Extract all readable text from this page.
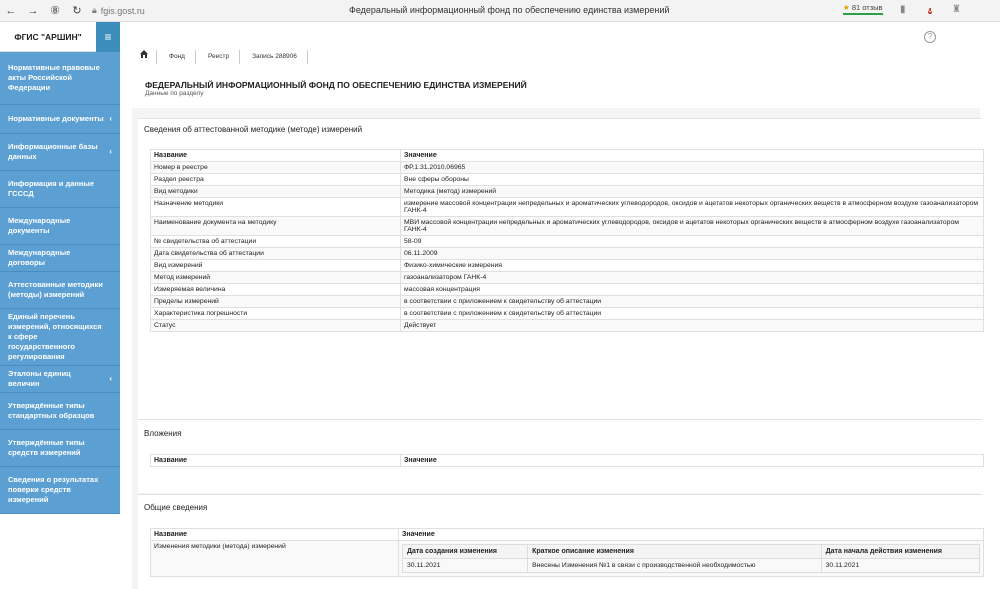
←	→	⑧	↻	🔒︎ fgis.gost.ru	Федеральный информационный фонд по обеспечению единства измерений	★ 81 отзыв ▮	U ♜
ФГИС "АРШИН"	≡
Нормативные правовые акты Российской Федерации
Нормативные документы ‹
Информационные базы данных
‹
Информация и данные ГССCД
Международные документы
Международные договоры
Аттестованные методики (методы) измерений
Единый перечень измерений, относящихся к сфере государственного регулирования
Эталоны единиц величин
‹
Утверждённые типы стандартных образцов
Утверждённые типы средств измерений
Сведения о результатах поверки средств измерений
?
Фонд	Реестр	Запись 288906
ФЕДЕРАЛЬНЫЙ ИНФОРМАЦИОННЫЙ ФОНД ПО ОБЕСПЕЧЕНИЮ ЕДИНСТВА ИЗМЕРЕНИЙ
Данные по разделу
Сведения об аттестованной методике (методе) измерений
Название	Значение
Номер в реестре	ФР.1.31.2010.06965
Раздел реестра	Вне сферы обороны
Вид методики	Методика (метод) измерений
Назначение методики	измерение массовой концентрации непредельных и ароматических углеводородов, оксидов и ацетатов некоторых органических веществ в атмосферном воздухе газоанализатором ГАНК-4
Наименование документа на методику	МВИ массовой концентрации непредельных и ароматических углеводородов, оксидов и ацетатов некоторых органических веществ в атмосферном воздухе газоанализатором ГАНК-4
№ свидетельства об аттестации	58-09
Дата свидетельства об аттестации	06.11.2009
Вид измерений	Физико-химические измерения
Метод измерений	газоанализатором ГАНК-4
Измеряемая величина	массовая концентрация
Пределы измерений	в соответствии с приложением к свидетельству об аттестации
Характеристика погрешности	в соответствии с приложением к свидетельству об аттестации
Статус	Действует
Вложения
Название	Значение
Общие сведения
Название	Значение
Изменения методики (метода) измерений	
Дата создания изменения	Краткое описание изменения	Дата начала действия изменения
30.11.2021	Внесены Изменения №1 в связи с производственной необходимостью	30.11.2021
